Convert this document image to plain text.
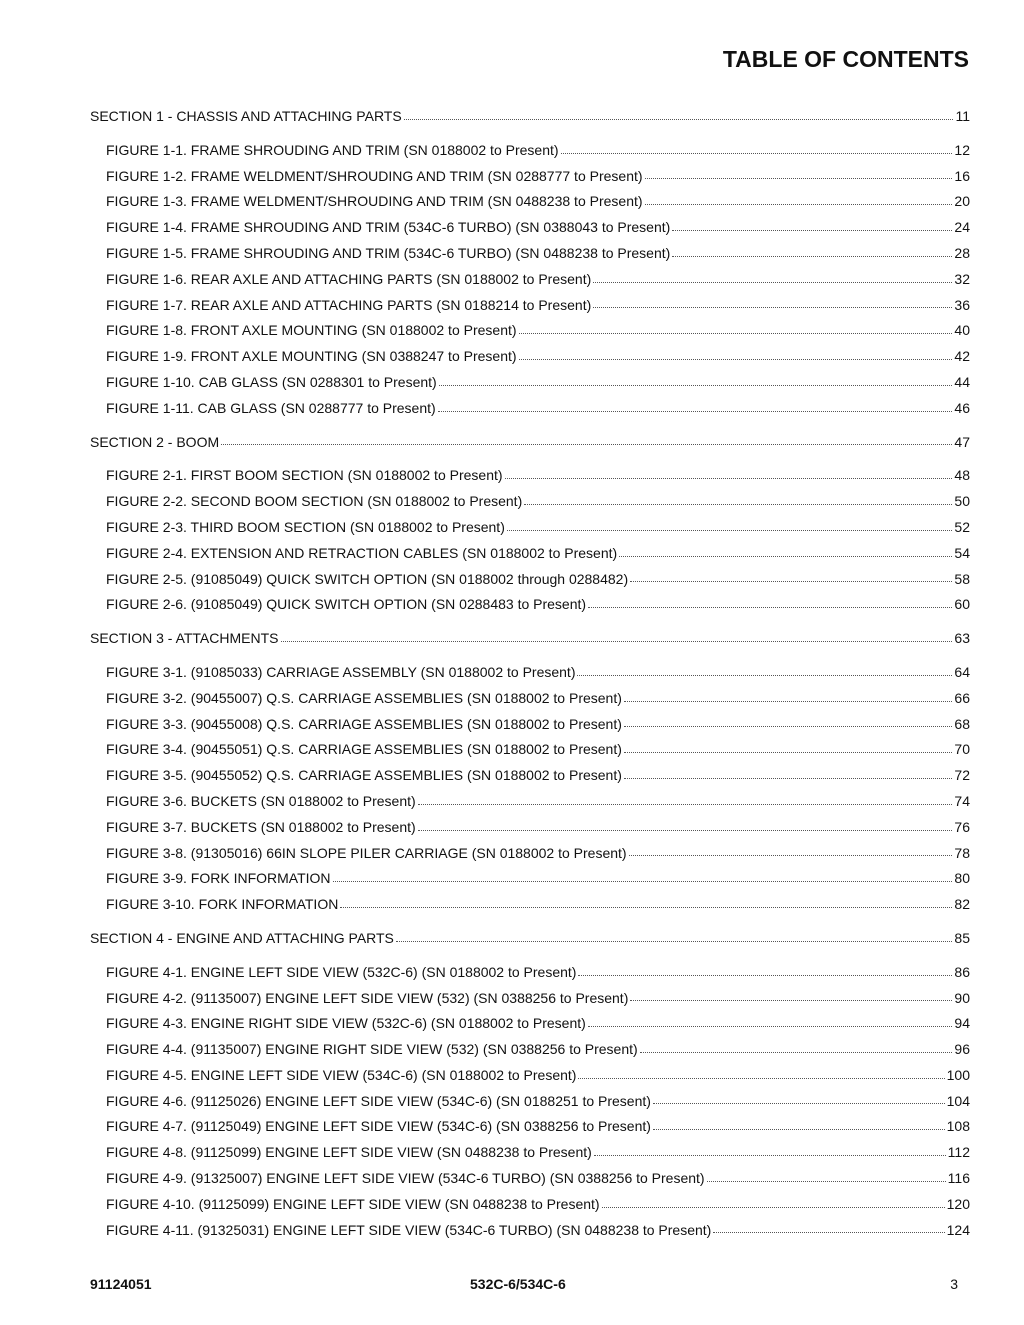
TABLE OF CONTENTS
SECTION 1 - CHASSIS AND ATTACHING PARTS	11
FIGURE 1-1. FRAME SHROUDING AND TRIM (SN 0188002 to Present)	12
FIGURE 1-2. FRAME WELDMENT/SHROUDING AND TRIM (SN 0288777 to Present)	16
FIGURE 1-3. FRAME WELDMENT/SHROUDING AND TRIM (SN 0488238 to Present)	20
FIGURE 1-4. FRAME SHROUDING AND TRIM (534C-6 TURBO) (SN 0388043 to Present)	24
FIGURE 1-5. FRAME SHROUDING AND TRIM (534C-6 TURBO) (SN 0488238 to Present)	28
FIGURE 1-6. REAR AXLE AND ATTACHING PARTS (SN 0188002 to Present)	32
FIGURE 1-7. REAR AXLE AND ATTACHING PARTS (SN 0188214 to Present)	36
FIGURE 1-8. FRONT AXLE MOUNTING (SN 0188002 to Present)	40
FIGURE 1-9. FRONT AXLE MOUNTING (SN 0388247 to Present)	42
FIGURE 1-10. CAB GLASS (SN 0288301 to Present)	44
FIGURE 1-11. CAB GLASS (SN 0288777 to Present)	46
SECTION 2 - BOOM	47
FIGURE 2-1. FIRST BOOM SECTION (SN 0188002 to Present)	48
FIGURE 2-2. SECOND BOOM SECTION (SN 0188002 to Present)	50
FIGURE 2-3. THIRD BOOM SECTION (SN 0188002 to Present)	52
FIGURE 2-4. EXTENSION AND RETRACTION CABLES (SN 0188002 to Present)	54
FIGURE 2-5. (91085049) QUICK SWITCH OPTION (SN 0188002 through 0288482)	58
FIGURE 2-6. (91085049) QUICK SWITCH OPTION (SN 0288483 to Present)	60
SECTION 3 - ATTACHMENTS	63
FIGURE 3-1. (91085033) CARRIAGE ASSEMBLY (SN 0188002 to Present)	64
FIGURE 3-2. (90455007) Q.S. CARRIAGE ASSEMBLIES (SN 0188002 to Present)	66
FIGURE 3-3. (90455008) Q.S. CARRIAGE ASSEMBLIES (SN 0188002 to Present)	68
FIGURE 3-4. (90455051) Q.S. CARRIAGE ASSEMBLIES (SN 0188002 to Present)	70
FIGURE 3-5. (90455052) Q.S. CARRIAGE ASSEMBLIES (SN 0188002 to Present)	72
FIGURE 3-6. BUCKETS (SN 0188002 to Present)	74
FIGURE 3-7. BUCKETS (SN 0188002 to Present)	76
FIGURE 3-8. (91305016) 66IN SLOPE PILER CARRIAGE (SN 0188002 to Present)	78
FIGURE 3-9. FORK INFORMATION	80
FIGURE 3-10. FORK INFORMATION	82
SECTION 4 - ENGINE AND ATTACHING PARTS	85
FIGURE 4-1. ENGINE LEFT SIDE VIEW (532C-6) (SN 0188002 to Present)	86
FIGURE 4-2. (91135007) ENGINE LEFT SIDE VIEW (532) (SN 0388256 to Present)	90
FIGURE 4-3. ENGINE RIGHT SIDE VIEW (532C-6) (SN 0188002 to Present)	94
FIGURE 4-4. (91135007) ENGINE RIGHT SIDE VIEW (532) (SN 0388256 to Present)	96
FIGURE 4-5. ENGINE LEFT SIDE VIEW (534C-6) (SN 0188002 to Present)	100
FIGURE 4-6. (91125026) ENGINE LEFT SIDE VIEW (534C-6) (SN 0188251 to Present)	104
FIGURE 4-7. (91125049) ENGINE LEFT SIDE VIEW (534C-6) (SN 0388256 to Present)	108
FIGURE 4-8. (91125099) ENGINE LEFT SIDE VIEW (SN 0488238 to Present)	112
FIGURE 4-9. (91325007) ENGINE LEFT SIDE VIEW (534C-6 TURBO) (SN 0388256 to Present)	116
FIGURE 4-10. (91125099) ENGINE LEFT SIDE VIEW (SN 0488238 to Present)	120
FIGURE 4-11. (91325031) ENGINE LEFT SIDE VIEW (534C-6 TURBO) (SN 0488238 to Present)	124
91124051	532C-6/534C-6	3
